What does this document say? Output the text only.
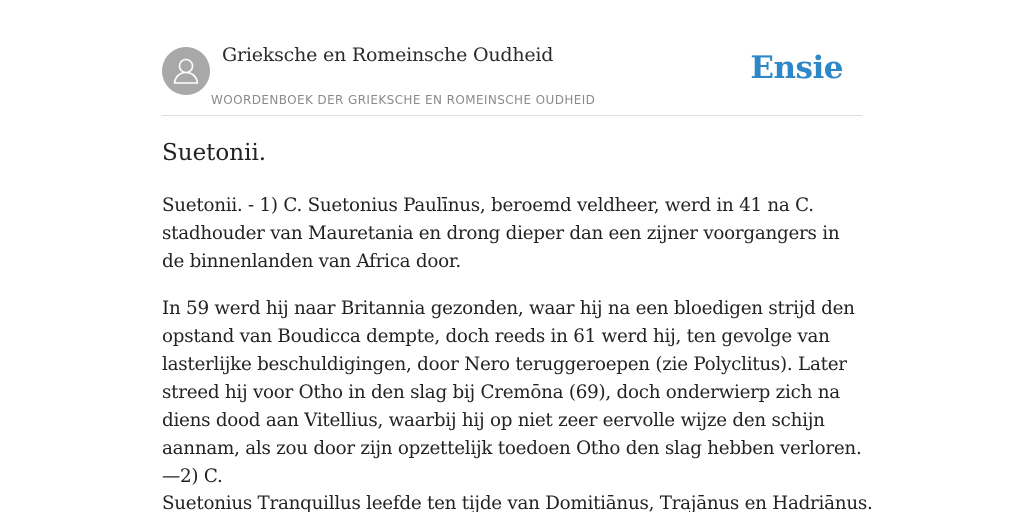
Grieksche en Romeinsche Oudheid
WOORDENBOEK DER GRIEKSCHE EN ROMEINSCHE OUDHEID
Ensie
Suetonii.

Suetonii. - 1) C. Suetonius Paulīnus, beroemd veldheer, werd in 41 na C. stadhouder van Mauretania en drong dieper dan een zijner voorgangers in de binnenlanden van Africa door.

In 59 werd hij naar Britannia gezonden, waar hij na een bloedigen strijd den opstand van Boudicca dempte, doch reeds in 61 werd hij, ten gevolge van lasterlijke beschuldigingen, door Nero teruggeroepen (zie Polyclitus). Later streed hij voor Otho in den slag bij Cremōna (69), doch onderwierp zich na diens dood aan Vitellius, waarbij hij op niet zeer eervolle wijze den schijn aannam, als zou door zijn opzettelijk toedoen Otho den slag hebben verloren.—2) C.

Suetonius Tranquillus leefde ten tijde van Domitiānus, Trajānus en Hadriānus.
